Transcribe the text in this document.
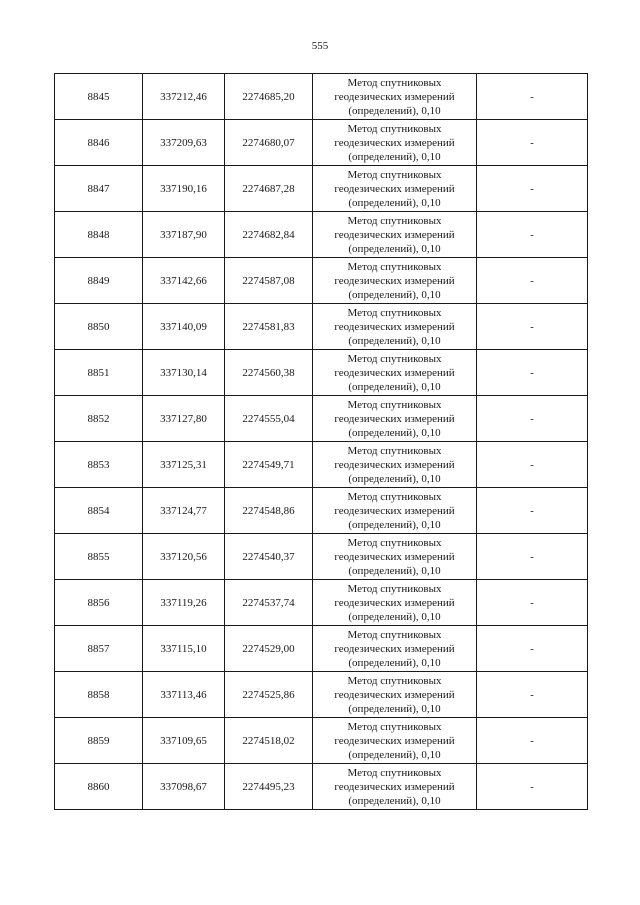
555
8845	337212,46	2274685,20	Метод спутниковых
геодезических измерений
(определений), 0,10	-
8846	337209,63	2274680,07	Метод спутниковых
геодезических измерений
(определений), 0,10	-
8847	337190,16	2274687,28	Метод спутниковых
геодезических измерений
(определений), 0,10	-
8848	337187,90	2274682,84	Метод спутниковых
геодезических измерений
(определений), 0,10	-
8849	337142,66	2274587,08	Метод спутниковых
геодезических измерений
(определений), 0,10	-
8850	337140,09	2274581,83	Метод спутниковых
геодезических измерений
(определений), 0,10	-
8851	337130,14	2274560,38	Метод спутниковых
геодезических измерений
(определений), 0,10	-
8852	337127,80	2274555,04	Метод спутниковых
геодезических измерений
(определений), 0,10	-
8853	337125,31	2274549,71	Метод спутниковых
геодезических измерений
(определений), 0,10	-
8854	337124,77	2274548,86	Метод спутниковых
геодезических измерений
(определений), 0,10	-
8855	337120,56	2274540,37	Метод спутниковых
геодезических измерений
(определений), 0,10	-
8856	337119,26	2274537,74	Метод спутниковых
геодезических измерений
(определений), 0,10	-
8857	337115,10	2274529,00	Метод спутниковых
геодезических измерений
(определений), 0,10	-
8858	337113,46	2274525,86	Метод спутниковых
геодезических измерений
(определений), 0,10	-
8859	337109,65	2274518,02	Метод спутниковых
геодезических измерений
(определений), 0,10	-
8860	337098,67	2274495,23	Метод спутниковых
геодезических измерений
(определений), 0,10	-
